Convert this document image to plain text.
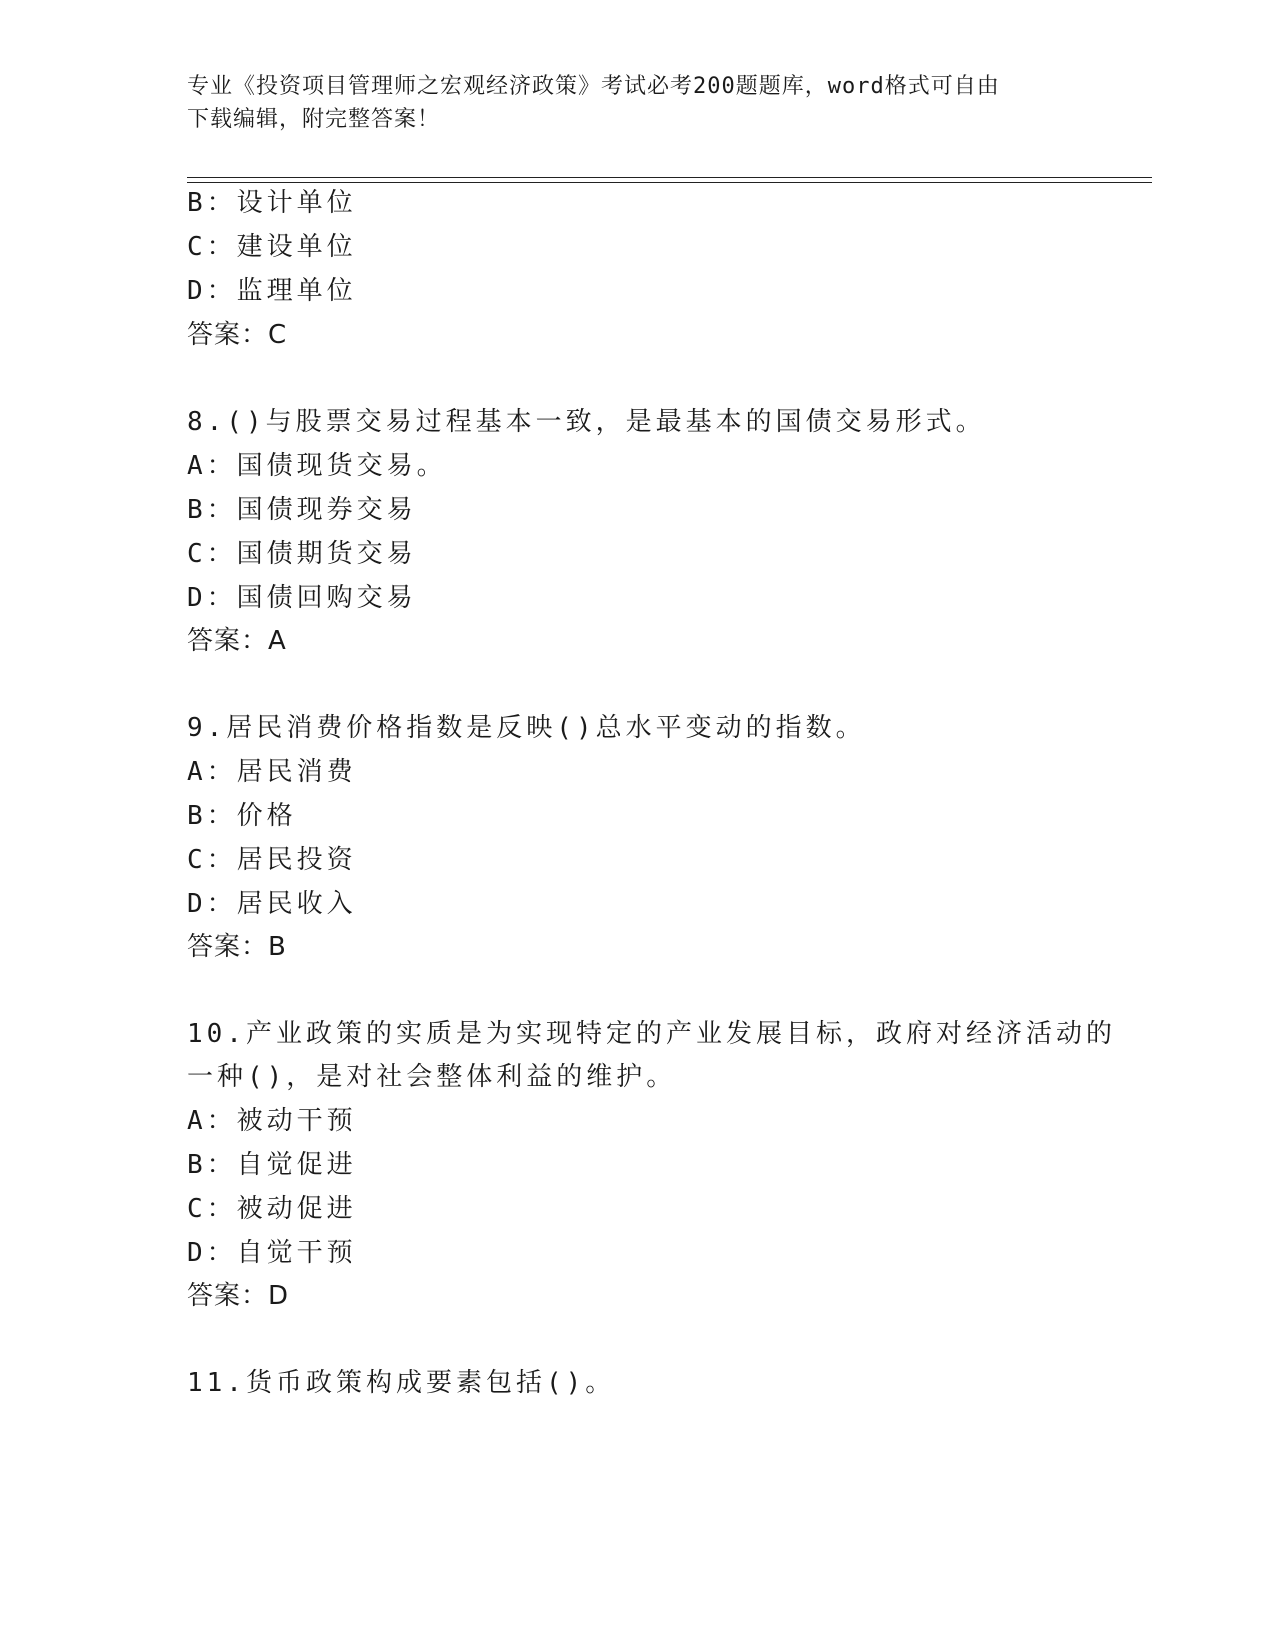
专业《投资项目管理师之宏观经济政策》考试必考200题题库，word格式可自由
下载编辑，附完整答案！
B：设计单位
C：建设单位
D：监理单位
答案：C
8.()与股票交易过程基本一致，是最基本的国债交易形式。
A：国债现货交易。
B：国债现券交易
C：国债期货交易
D：国债回购交易
答案：A
9.居民消费价格指数是反映()总水平变动的指数。
A：居民消费
B：价格
C：居民投资
D：居民收入
答案：B
10.产业政策的实质是为实现特定的产业发展目标，政府对经济活动的
一种()，是对社会整体利益的维护。
A：被动干预
B：自觉促进
C：被动促进
D：自觉干预
答案：D
11.货币政策构成要素包括()。
